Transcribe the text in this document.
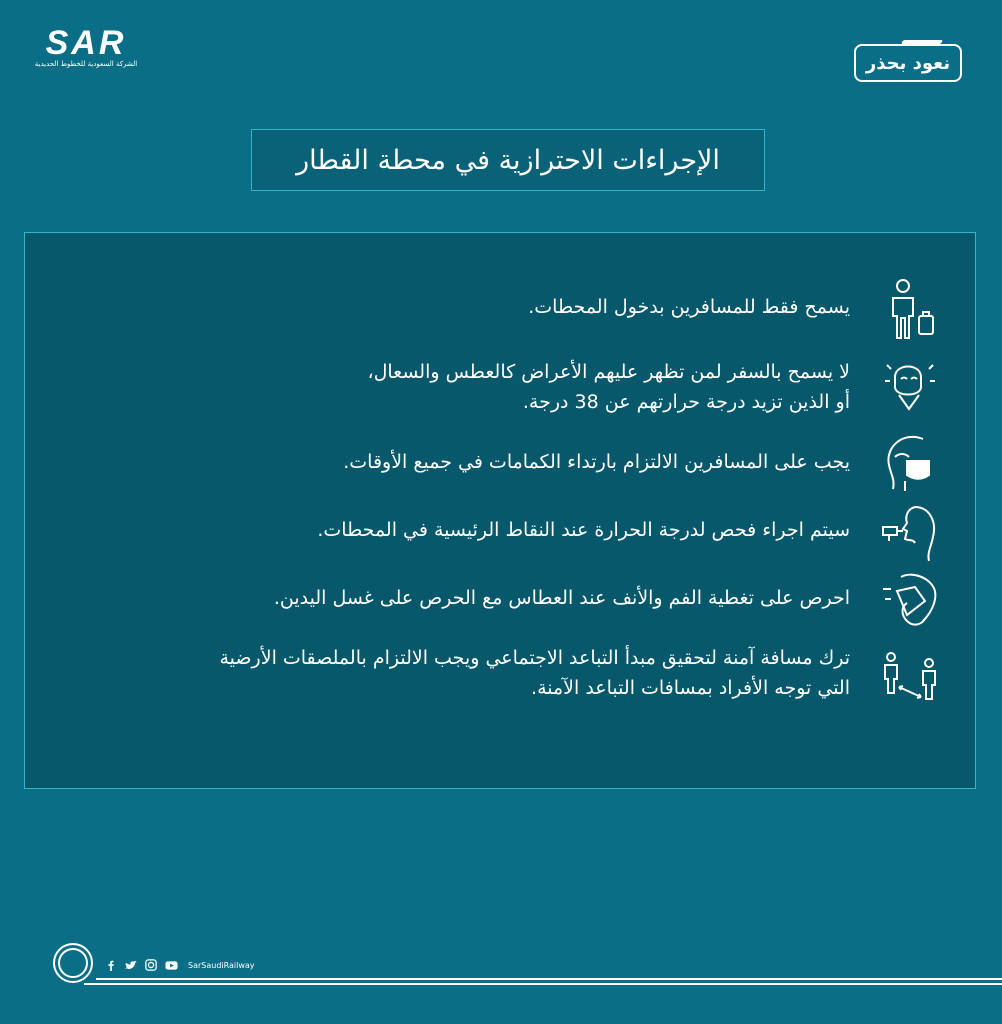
SAR
الشركة السعودية للخطوط الحديدية	نعود بحذر
الإجراءات الاحترازية في محطة القطار
يسمح فقط للمسافرين بدخول المحطات.
لا يسمح بالسفر لمن تظهر عليهم الأعراض كالعطس والسعال،
أو الذين تزيد درجة حرارتهم عن 38 درجة.
يجب على المسافرين الالتزام بارتداء الكمامات في جميع الأوقات.
سيتم اجراء فحص لدرجة الحرارة عند النقاط الرئيسية في المحطات.
احرص على تغطية الفم والأنف عند العطاس مع الحرص على غسل اليدين.
ترك مسافة آمنة لتحقيق مبدأ التباعد الاجتماعي ويجب الالتزام بالملصقات الأرضية
التي توجه الأفراد بمسافات التباعد الآمنة.
SarSaudiRailway
